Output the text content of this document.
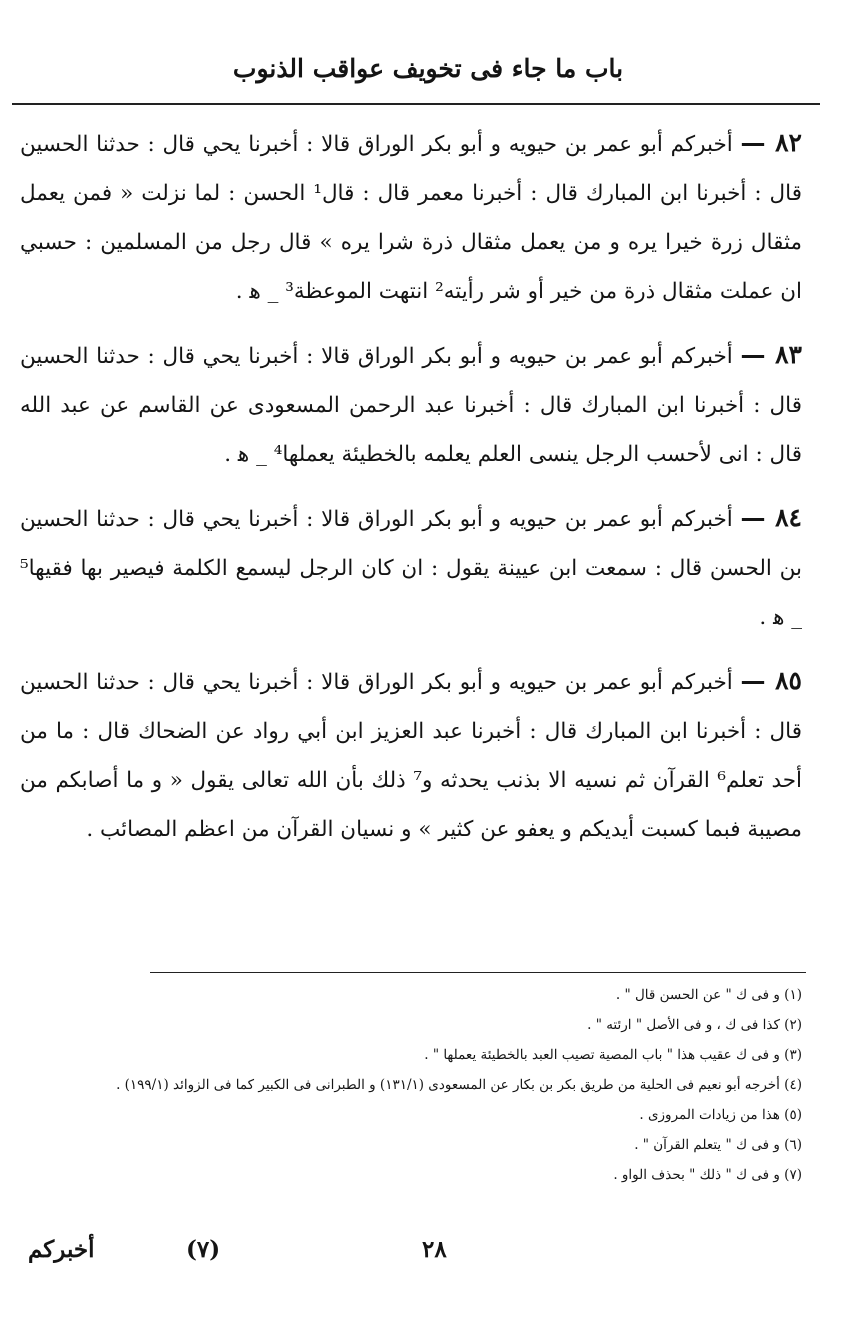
باب ما جاء فى تخويف عواقب الذنوب

٨٢ — أخبركم أبو عمر بن حيويه و أبو بكر الوراق قالا : أخبرنا يحي قال : حدثنا الحسين قال : أخبرنا ابن المبارك قال : أخبرنا معمر قال : قال¹ الحسن : لما نزلت « فمن يعمل مثقال زرة خيرا يره و من يعمل مثقال ذرة شرا يره » قال رجل من المسلمين : حسبي ان عملت مثقال ذرة من خير أو شر رأيته² انتهت الموعظة³ _ ﻫ .

٨٣ — أخبركم أبو عمر بن حيويه و أبو بكر الوراق قالا : أخبرنا يحي قال : حدثنا الحسين قال : أخبرنا ابن المبارك قال : أخبرنا عبد الرحمن المسعودى عن القاسم عن عبد الله قال : انى لأحسب الرجل ينسى العلم يعلمه بالخطيئة يعملها⁴ _ ﻫ .

٨٤ — أخبركم أبو عمر بن حيويه و أبو بكر الوراق قالا : أخبرنا يحي قال : حدثنا الحسين بن الحسن قال : سمعت ابن عيينة يقول : ان كان الرجل ليسمع الكلمة فيصير بها فقيها⁵ _ ﻫ .

٨٥ — أخبركم أبو عمر بن حيويه و أبو بكر الوراق قالا : أخبرنا يحي قال : حدثنا الحسين قال : أخبرنا ابن المبارك قال : أخبرنا عبد العزيز ابن أبي رواد عن الضحاك قال : ما من أحد تعلم⁶ القرآن ثم نسيه الا بذنب يحدثه و⁷ ذلك بأن الله تعالى يقول « و ما أصابكم من مصيبة فبما كسبت أيديكم و يعفو عن كثير » و نسيان القرآن من اعظم المصائب .

(١) و فى ك " عن الحسن قال " .
(٢) كذا فى ك ، و فى الأصل " ارئته " .
(٣) و فى ك عقيب هذا " باب المصية تصيب العبد بالخطيئة يعملها " .
(٤) أخرجه أبو نعيم فى الحلية من طريق بكر بن بكار عن المسعودى (١٣١/١) و الطبرانى فى الكبير كما فى الزوائد (١٩٩/١) .
(٥) هذا من زيادات المروزى .
(٦) و فى ك " يتعلم القرآن " .
(٧) و فى ك " ذلك " بحذف الواو .
٢٨
(٧)
أخبركم
